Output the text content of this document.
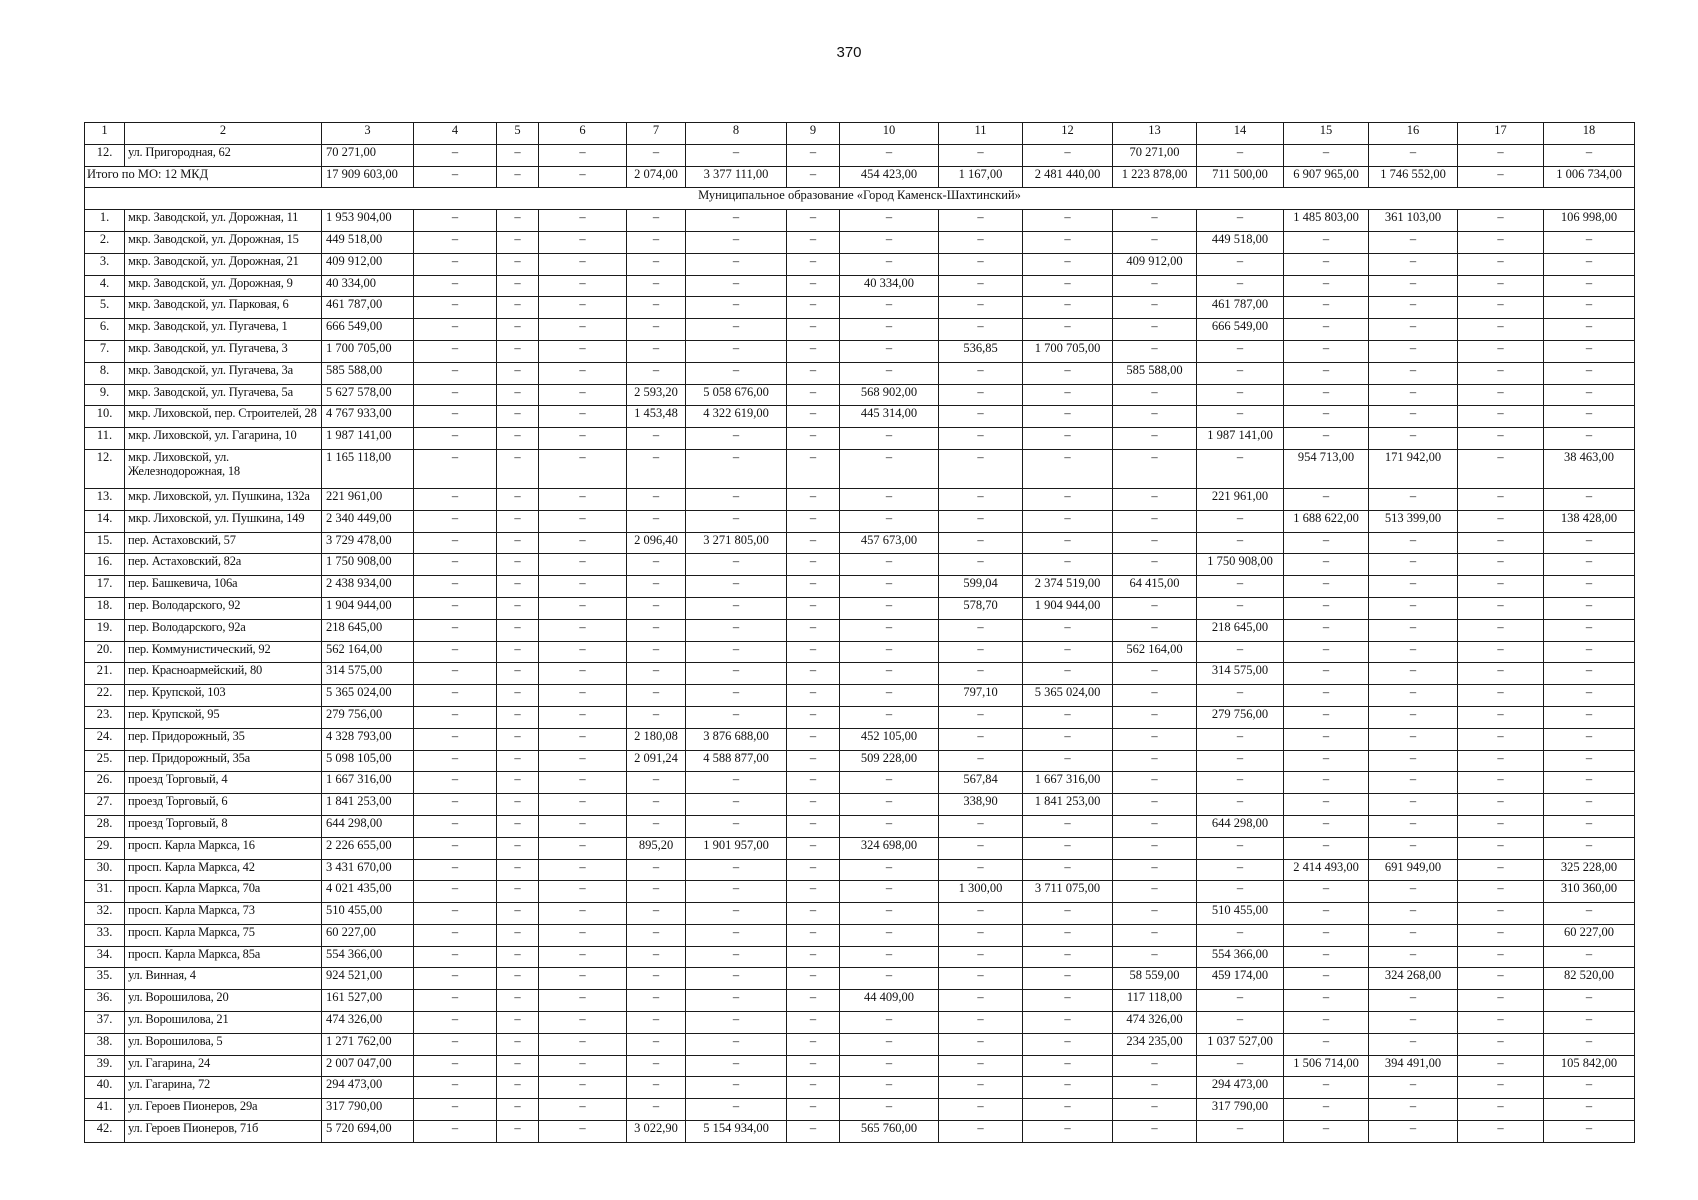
370
1	2	3	4	5	6	7	8	9	10	11	12	13	14	15	16	17	18
12.	ул. Пригородная, 62	70 271,00	–	–	–	–	–	–	–	–	–	70 271,00	–	–	–	–	–
Итого по МО: 12 МКД		17 909 603,00	–	–	–	2 074,00	3 377 111,00	–	454 423,00	1 167,00	2 481 440,00	1 223 878,00	711 500,00	6 907 965,00	1 746 552,00	–	1 006 734,00
Муниципальное образование «Город Каменск-Шахтинский»																	
1.	мкр. Заводской, ул. Дорожная, 11	1 953 904,00	–	–	–	–	–	–	–	–	–	–	–	1 485 803,00	361 103,00	–	106 998,00
2.	мкр. Заводской, ул. Дорожная, 15	449 518,00	–	–	–	–	–	–	–	–	–	–	449 518,00	–	–	–	–
3.	мкр. Заводской, ул. Дорожная, 21	409 912,00	–	–	–	–	–	–	–	–	–	409 912,00	–	–	–	–	–
4.	мкр. Заводской, ул. Дорожная, 9	40 334,00	–	–	–	–	–	–	40 334,00	–	–	–	–	–	–	–	–
5.	мкр. Заводской, ул. Парковая, 6	461 787,00	–	–	–	–	–	–	–	–	–	–	461 787,00	–	–	–	–
6.	мкр. Заводской, ул. Пугачева, 1	666 549,00	–	–	–	–	–	–	–	–	–	–	666 549,00	–	–	–	–
7.	мкр. Заводской, ул. Пугачева, 3	1 700 705,00	–	–	–	–	–	–	–	536,85	1 700 705,00	–	–	–	–	–	–
8.	мкр. Заводской, ул. Пугачева, 3а	585 588,00	–	–	–	–	–	–	–	–	–	585 588,00	–	–	–	–	–
9.	мкр. Заводской, ул. Пугачева, 5а	5 627 578,00	–	–	–	2 593,20	5 058 676,00	–	568 902,00	–	–	–	–	–	–	–	–
10.	мкр. Лиховской, пер. Строителей, 28	4 767 933,00	–	–	–	1 453,48	4 322 619,00	–	445 314,00	–	–	–	–	–	–	–	–
11.	мкр. Лиховской, ул. Гагарина, 10	1 987 141,00	–	–	–	–	–	–	–	–	–	–	1 987 141,00	–	–	–	–
12.	мкр. Лиховской, ул. Железнодорожная, 18	1 165 118,00	–	–	–	–	–	–	–	–	–	–	–	954 713,00	171 942,00	–	38 463,00
13.	мкр. Лиховской, ул. Пушкина, 132а	221 961,00	–	–	–	–	–	–	–	–	–	–	221 961,00	–	–	–	–
14.	мкр. Лиховской, ул. Пушкина, 149	2 340 449,00	–	–	–	–	–	–	–	–	–	–	–	1 688 622,00	513 399,00	–	138 428,00
15.	пер. Астаховский, 57	3 729 478,00	–	–	–	2 096,40	3 271 805,00	–	457 673,00	–	–	–	–	–	–	–	–
16.	пер. Астаховский, 82а	1 750 908,00	–	–	–	–	–	–	–	–	–	–	1 750 908,00	–	–	–	–
17.	пер. Башкевича, 106а	2 438 934,00	–	–	–	–	–	–	–	599,04	2 374 519,00	64 415,00	–	–	–	–	–
18.	пер. Володарского, 92	1 904 944,00	–	–	–	–	–	–	–	578,70	1 904 944,00	–	–	–	–	–	–
19.	пер. Володарского, 92а	218 645,00	–	–	–	–	–	–	–	–	–	–	218 645,00	–	–	–	–
20.	пер. Коммунистический, 92	562 164,00	–	–	–	–	–	–	–	–	–	562 164,00	–	–	–	–	–
21.	пер. Красноармейский, 80	314 575,00	–	–	–	–	–	–	–	–	–	–	314 575,00	–	–	–	–
22.	пер. Крупской, 103	5 365 024,00	–	–	–	–	–	–	–	797,10	5 365 024,00	–	–	–	–	–	–
23.	пер. Крупской, 95	279 756,00	–	–	–	–	–	–	–	–	–	–	279 756,00	–	–	–	–
24.	пер. Придорожный, 35	4 328 793,00	–	–	–	2 180,08	3 876 688,00	–	452 105,00	–	–	–	–	–	–	–	–
25.	пер. Придорожный, 35а	5 098 105,00	–	–	–	2 091,24	4 588 877,00	–	509 228,00	–	–	–	–	–	–	–	–
26.	проезд Торговый, 4	1 667 316,00	–	–	–	–	–	–	–	567,84	1 667 316,00	–	–	–	–	–	–
27.	проезд Торговый, 6	1 841 253,00	–	–	–	–	–	–	–	338,90	1 841 253,00	–	–	–	–	–	–
28.	проезд Торговый, 8	644 298,00	–	–	–	–	–	–	–	–	–	–	644 298,00	–	–	–	–
29.	просп. Карла Маркса, 16	2 226 655,00	–	–	–	895,20	1 901 957,00	–	324 698,00	–	–	–	–	–	–	–	–
30.	просп. Карла Маркса, 42	3 431 670,00	–	–	–	–	–	–	–	–	–	–	–	2 414 493,00	691 949,00	–	325 228,00
31.	просп. Карла Маркса, 70а	4 021 435,00	–	–	–	–	–	–	–	1 300,00	3 711 075,00	–	–	–	–	–	310 360,00
32.	просп. Карла Маркса, 73	510 455,00	–	–	–	–	–	–	–	–	–	–	510 455,00	–	–	–	–
33.	просп. Карла Маркса, 75	60 227,00	–	–	–	–	–	–	–	–	–	–	–	–	–	–	60 227,00
34.	просп. Карла Маркса, 85а	554 366,00	–	–	–	–	–	–	–	–	–	–	554 366,00	–	–	–	–
35.	ул. Винная, 4	924 521,00	–	–	–	–	–	–	–	–	–	58 559,00	459 174,00	–	324 268,00	–	82 520,00
36.	ул. Ворошилова, 20	161 527,00	–	–	–	–	–	–	44 409,00	–	–	117 118,00	–	–	–	–	–
37.	ул. Ворошилова, 21	474 326,00	–	–	–	–	–	–	–	–	–	474 326,00	–	–	–	–	–
38.	ул. Ворошилова, 5	1 271 762,00	–	–	–	–	–	–	–	–	–	234 235,00	1 037 527,00	–	–	–	–
39.	ул. Гагарина, 24	2 007 047,00	–	–	–	–	–	–	–	–	–	–	–	1 506 714,00	394 491,00	–	105 842,00
40.	ул. Гагарина, 72	294 473,00	–	–	–	–	–	–	–	–	–	–	294 473,00	–	–	–	–
41.	ул. Героев Пионеров, 29а	317 790,00	–	–	–	–	–	–	–	–	–	–	317 790,00	–	–	–	–
42.	ул. Героев Пионеров, 71б	5 720 694,00	–	–	–	3 022,90	5 154 934,00	–	565 760,00	–	–	–	–	–	–	–	–
